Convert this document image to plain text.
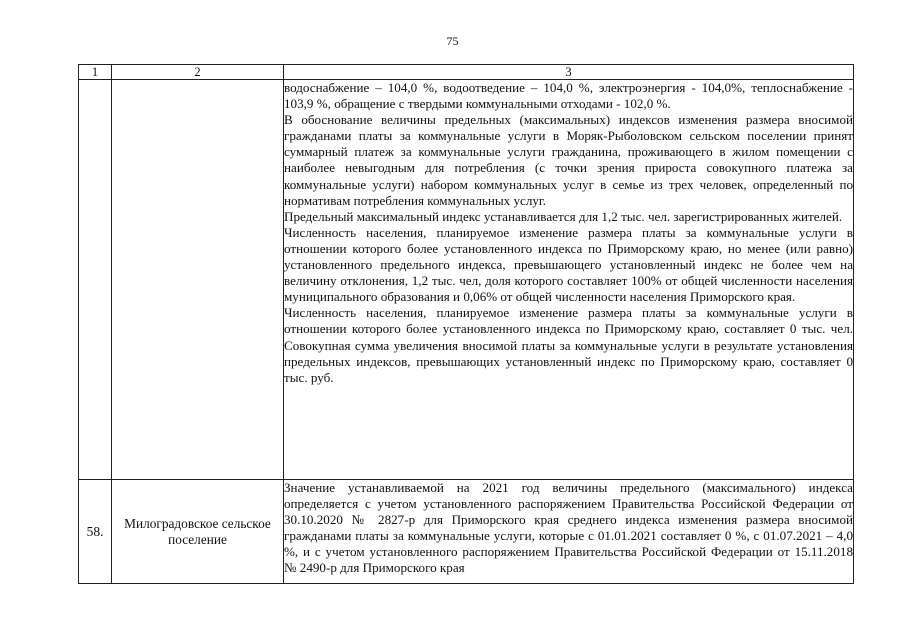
75
1	2	3

		водоснабжение – 104,0 %, водоотведение – 104,0 %, электроэнергия - 104,0%, теплоснабжение - 103,9 %, обращение с твердыми коммунальными отходами - 102,0 %.

В обоснование величины предельных (максимальных) индексов изменения размера вносимой гражданами платы за коммунальные услуги в Моряк-Рыболовском сельском поселении принят суммарный платеж за коммунальные услуги гражданина, проживающего в жилом помещении с наиболее невыгодным для потребления (с точки зрения прироста совокупного платежа за коммунальные услуги) набором коммунальных услуг в семье из трех человек, определенный по нормативам потребления коммунальных услуг.

Предельный максимальный индекс устанавливается для 1,2 тыс. чел. зарегистрированных жителей.

Численность населения, планируемое изменение размера платы за коммунальные услуги в отношении которого более установленного индекса по Приморскому краю, но менее (или равно) установленного предельного индекса, превышающего установленный индекс не более чем на величину отклонения, 1,2 тыс. чел, доля которого составляет 100% от общей численности населения муниципального образования и 0,06% от общей численности населения Приморского края.

Численность населения, планируемое изменение размера платы за коммунальные услуги в отношении которого более установленного индекса по Приморскому краю, составляет 0 тыс. чел. Совокупная сумма увеличения вносимой платы за коммунальные услуги в результате установления предельных индексов, превышающих установленный индекс по Приморскому краю, составляет 0 тыс. руб.

58.	Милоградовское сельское поселение	Значение устанавливаемой на 2021 год величины предельного (максимального) индекса определяется с учетом установленного распоряжением Правительства Российской Федерации от 30.10.2020 № 2827-р для Приморского края среднего индекса изменения размера вносимой гражданами платы за коммунальные услуги, которые с 01.01.2021 составляет 0 %, с 01.07.2021 – 4,0 %, и с учетом установленного распоряжением Правительства Российской Федерации от 15.11.2018 № 2490-р для Приморского края
